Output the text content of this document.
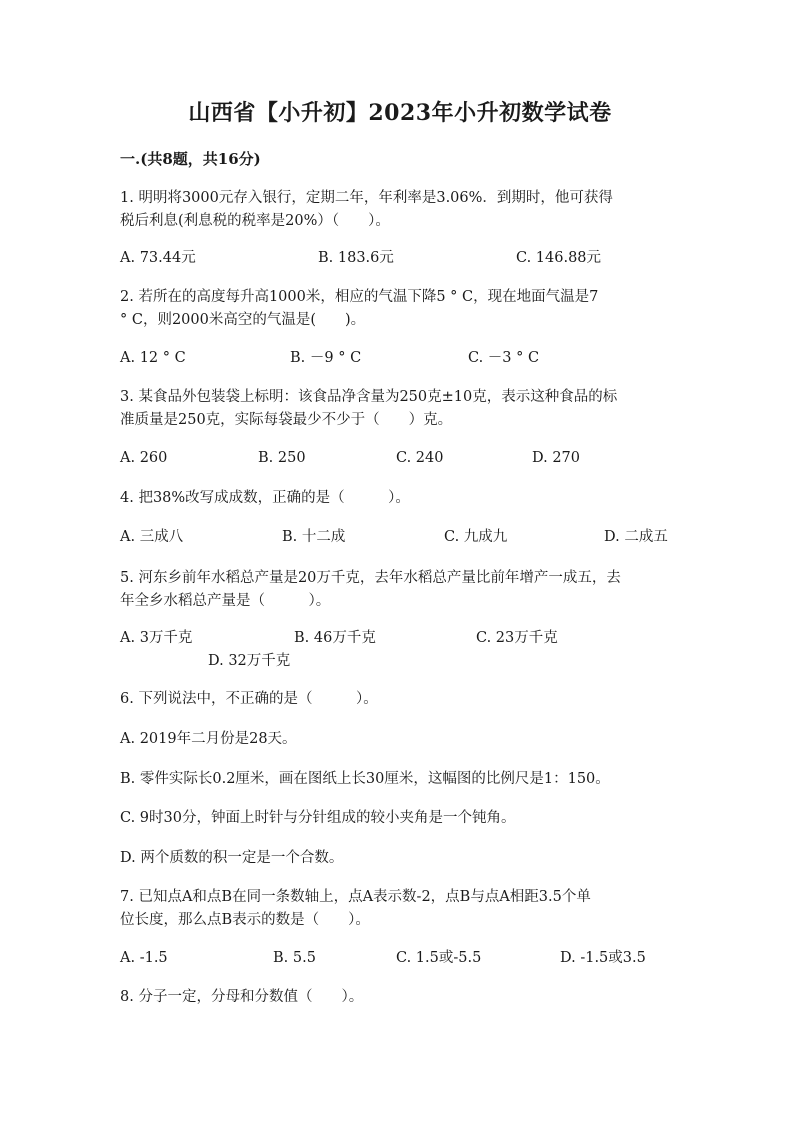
山西省【小升初】2023年小升初数学试卷
一.(共8题，共16分)
1. 明明将3000元存入银行，定期二年，年利率是3.06%．到期时，他可获得
税后利息(利息税的税率是20%）（　　）。
A. 73.44元	B. 183.6元	C. 146.88元
2. 若所在的高度每升高1000米，相应的气温下降5 ° C，现在地面气温是7
° C，则2000米高空的气温是(　　)。
A. 12 ° C	B. －9 ° C	C. －3 ° C
3. 某食品外包装袋上标明：该食品净含量为250克±10克，表示这种食品的标
准质量是250克，实际每袋最少不少于（　　）克。
A. 260	B. 250	C. 240	D. 270
4. 把38%改写成成数，正确的是（　　　）。
A. 三成八	B. 十二成	C. 九成九	D. 二成五
5. 河东乡前年水稻总产量是20万千克，去年水稻总产量比前年增产一成五，去
年全乡水稻总产量是（　　　）。
A. 3万千克	B. 46万千克	C. 23万千克
D. 32万千克
6. 下列说法中，不正确的是（　　　）。
A. 2019年二月份是28天。
B. 零件实际长0.2厘米，画在图纸上长30厘米，这幅图的比例尺是1：150。
C. 9时30分，钟面上时针与分针组成的较小夹角是一个钝角。
D. 两个质数的积一定是一个合数。
7. 已知点A和点B在同一条数轴上，点A表示数-2，点B与点A相距3.5个单
位长度，那么点B表示的数是（　　）。
A. -1.5	B. 5.5	C. 1.5或-5.5	D. -1.5或3.5
8. 分子一定，分母和分数值（　　）。
